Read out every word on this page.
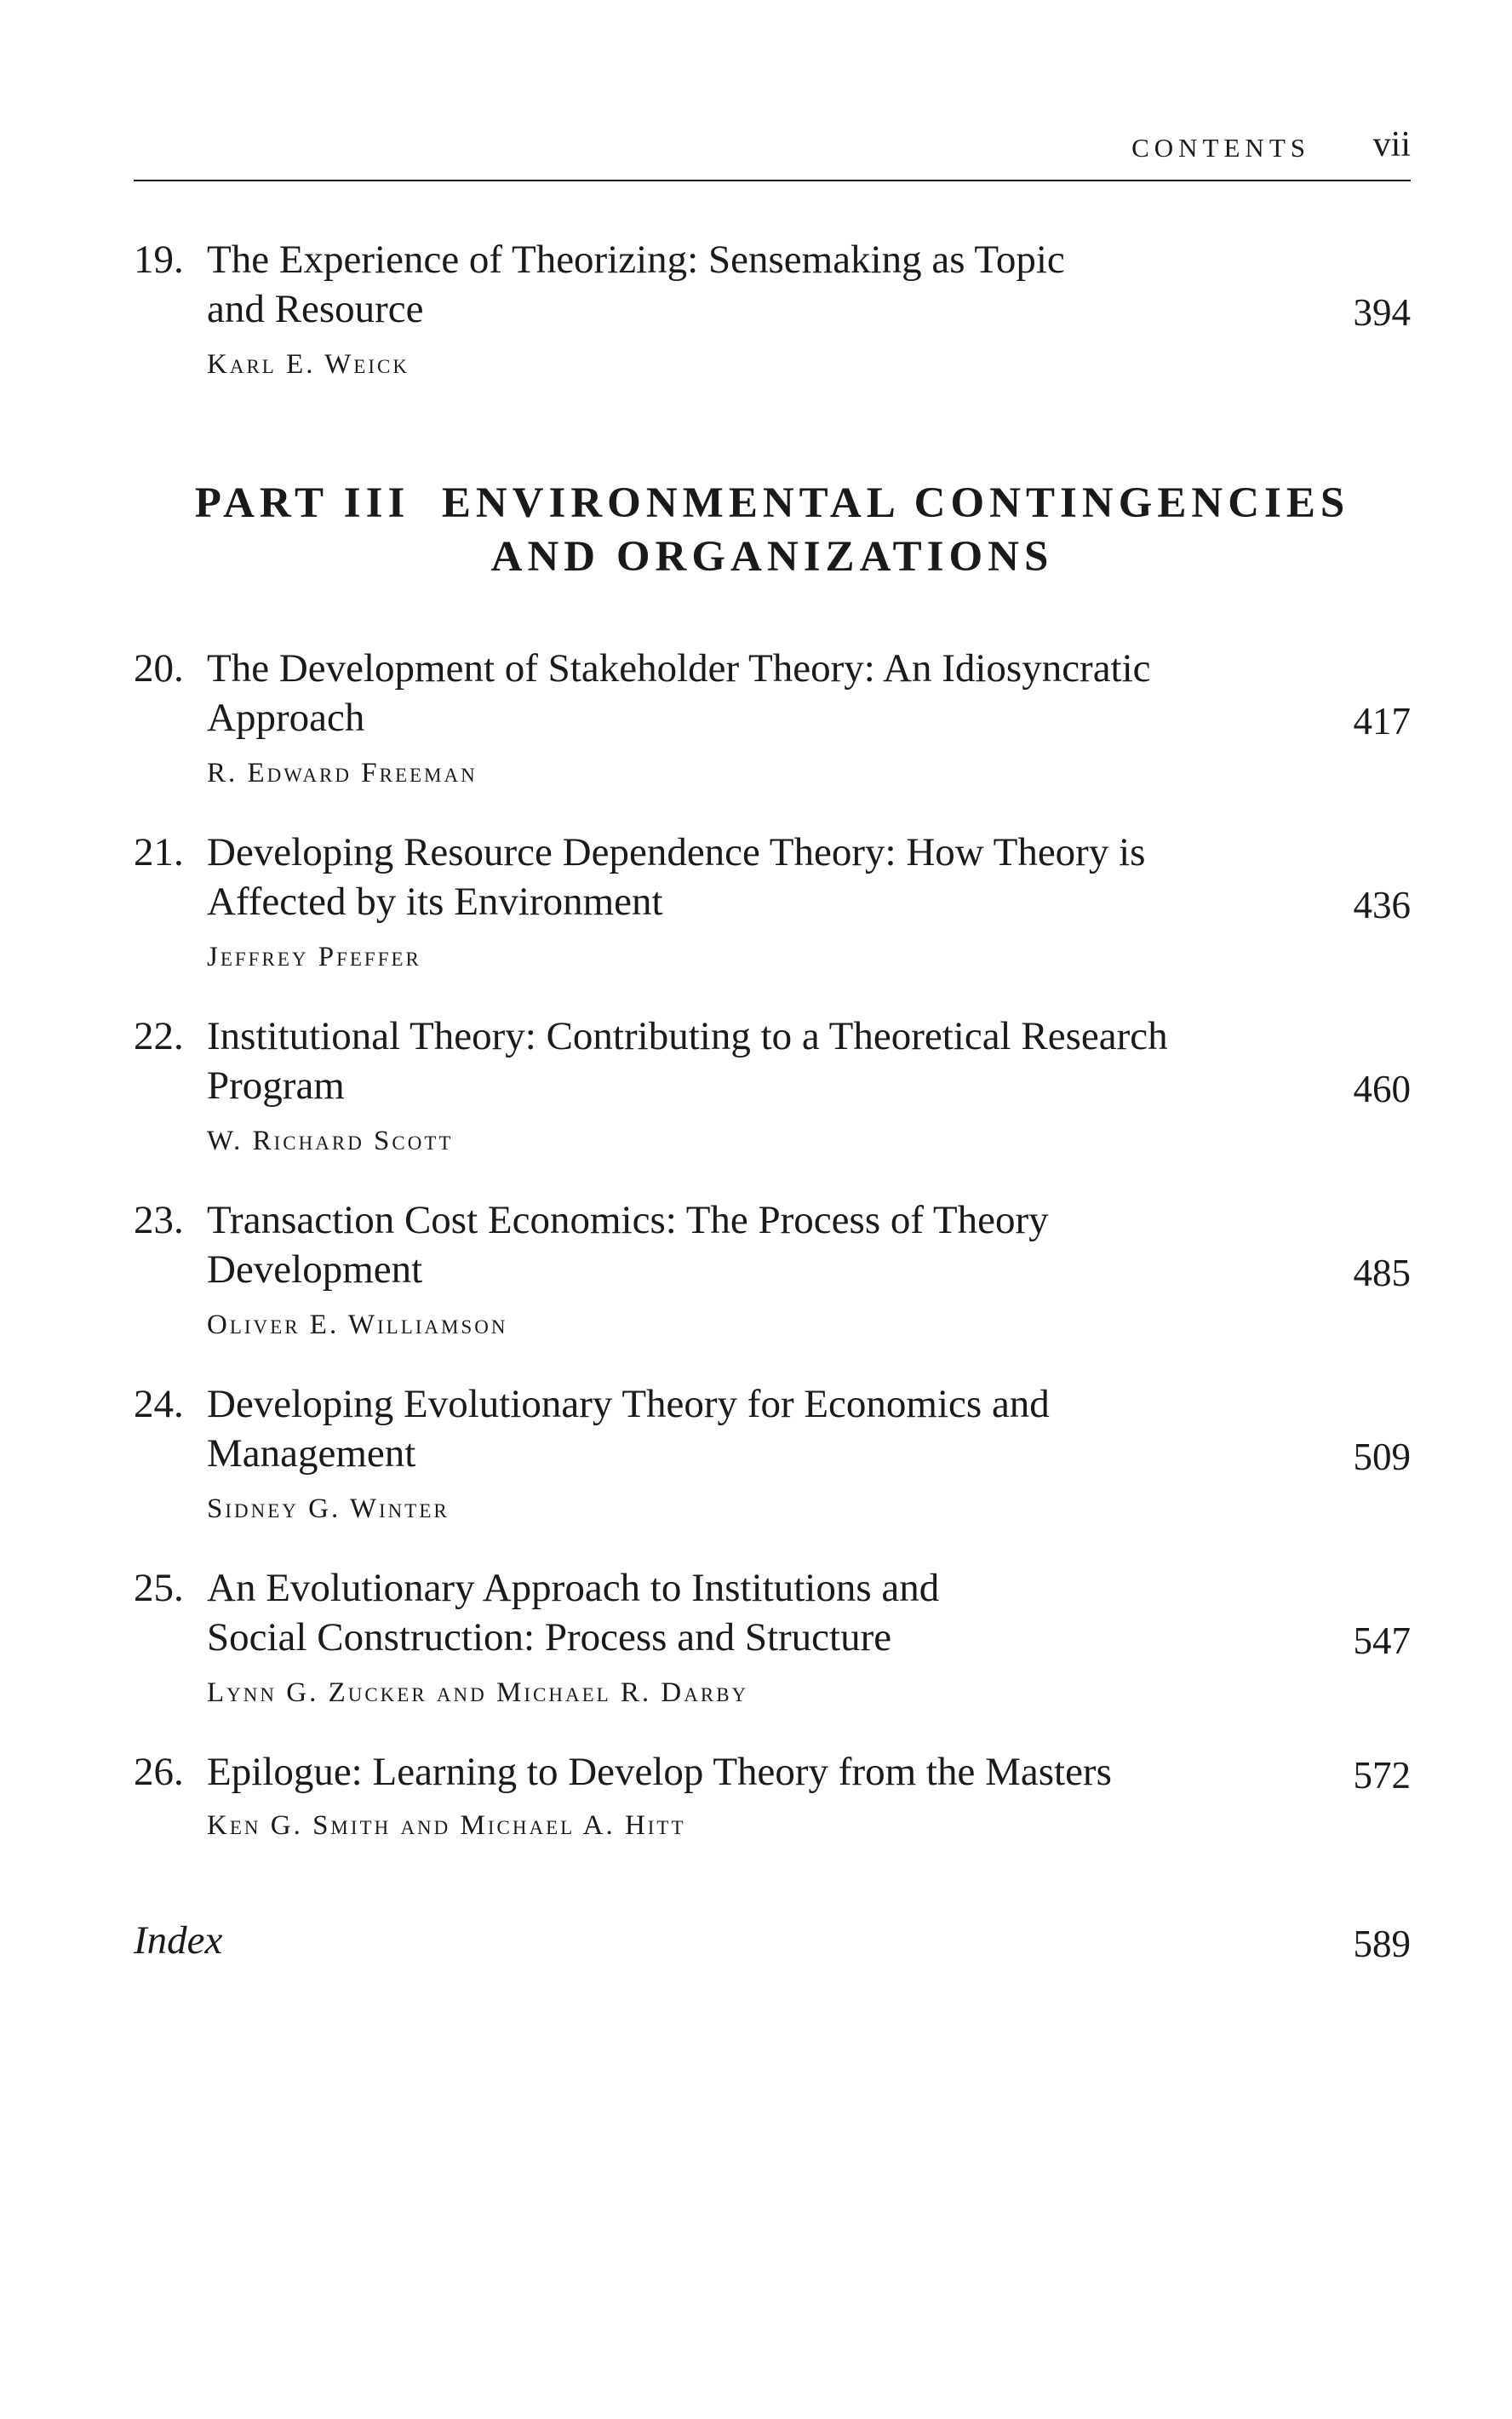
CONTENTS vii
19. The Experience of Theorizing: Sensemaking as Topic
and Resource	394
Karl E. Weick
PART III  ENVIRONMENTAL CONTINGENCIES
AND ORGANIZATIONS
20. The Development of Stakeholder Theory: An Idiosyncratic
Approach	417
R. Edward Freeman
21. Developing Resource Dependence Theory: How Theory is
Affected by its Environment	436
Jeffrey Pfeffer
22. Institutional Theory: Contributing to a Theoretical Research
Program	460
W. Richard Scott
23. Transaction Cost Economics: The Process of Theory
Development	485
Oliver E. Williamson
24. Developing Evolutionary Theory for Economics and
Management	509
Sidney G. Winter
25. An Evolutionary Approach to Institutions and
Social Construction: Process and Structure	547
Lynn G. Zucker and Michael R. Darby
26. Epilogue: Learning to Develop Theory from the Masters	572
Ken G. Smith and Michael A. Hitt
Index	589
